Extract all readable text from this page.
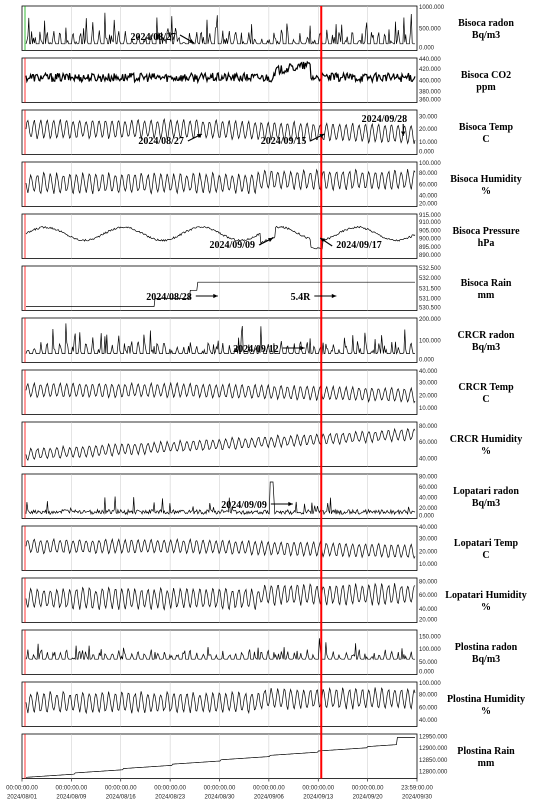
1000.000
500.000
0.000
Bisoca radon
Bq/m3
440.000
420.000
400.000
380.000
360.000
Bisoca CO2
ppm
30.000
20.000
10.000
0.000
Bisoca Temp
C
100.000
80.000
60.000
40.000
20.000
Bisoca Humidity
%
915.000
910.000
905.000
900.000
895.000
890.000
Bisoca Pressure
hPa
532.500
532.000
531.500
531.000
530.500
Bisoca Rain
mm
200.000
100.000
0.000
CRCR radon
Bq/m3
40.000
30.000
20.000
10.000
CRCR Temp
C
80.000
60.000
40.000
CRCR Humidity
%
80.000
60.000
40.000
20.000
0.000
Lopatari radon
Bq/m3
40.000
30.000
20.000
10.000
Lopatari Temp
C
80.000
60.000
40.000
20.000
Lopatari Humidity
%
150.000
100.000
50.000
0.000
Plostina radon
Bq/m3
100.000
80.000
60.000
40.000
Plostina Humidity
%
12950.000
12900.000
12850.000
12800.000
Plostina Rain
mm
2024/08/27
2024/08/27	2024/09/15
2024/09/28
2024/09/09	2024/09/17
2024/08/28	5.4R
2024/09/12
2024/09/09
00:00:00.00
2024/08/01
00:00:00.00
2024/08/09
00:00:00.00
2024/08/16
00:00:00.00
2024/08/23
00:00:00.00
2024/08/30
00:00:00.00
2024/09/06
00:00:00.00
2024/09/13
00:00:00.00
2024/09/20
23:59:00.00
2024/09/30
